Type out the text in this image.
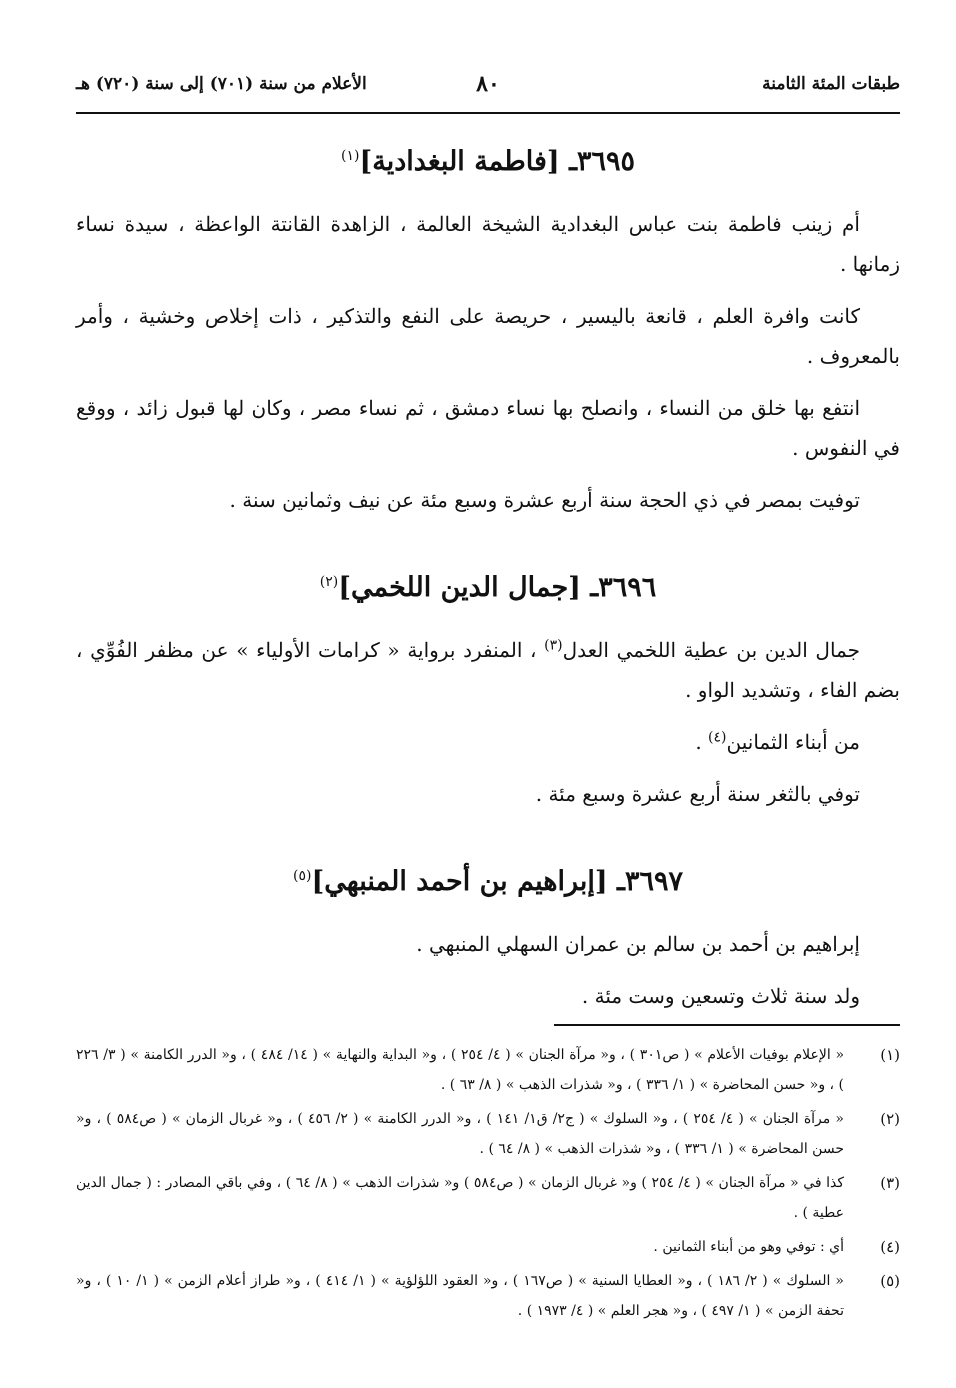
طبقات المئة الثامنة
٨٠
الأعلام من سنة (٧٠١) إلى سنة (٧٢٠) هـ
٣٦٩٥ـ [فاطمة البغدادية]$^{(١)}$

أم زينب فاطمة بنت عباس البغدادية الشيخة العالمة ، الزاهدة القانتة الواعظة ، سيدة نساء زمانها .

كانت وافرة العلم ، قانعة باليسير ، حريصة على النفع والتذكير ، ذات إخلاص وخشية ، وأمر بالمعروف .

انتفع بها خلق من النساء ، وانصلح بها نساء دمشق ، ثم نساء مصر ، وكان لها قبول زائد ، ووقع في النفوس .

توفيت بمصر في ذي الحجة سنة أربع عشرة وسبع مئة عن نيف وثمانين سنة .

٣٦٩٦ـ [جمال الدين اللخمي]$^{(٢)}$

جمال الدين بن عطية اللخمي العدل$^{(٣)}$ ، المنفرد برواية « كرامات الأولياء » عن مظفر الفُوِّي ، بضم الفاء ، وتشديد الواو .

من أبناء الثمانين$^{(٤)}$ .

توفي بالثغر سنة أربع عشرة وسبع مئة .

٣٦٩٧ـ [إبراهيم بن أحمد المنبهي]$^{(٥)}$

إبراهيم بن أحمد بن سالم بن عمران السهلي المنبهي .

ولد سنة ثلاث وتسعين وست مئة .

(١)
« الإعلام بوفيات الأعلام » ( ص٣٠١ ) ، و« مرآة الجنان » ( ٤/ ٢٥٤ ) ، و« البداية والنهاية » ( ١٤/ ٤٨٤ ) ، و« الدرر الكامنة » ( ٣/ ٢٢٦ ) ، و« حسن المحاضرة » ( ١/ ٣٣٦ ) ، و« شذرات الذهب » ( ٨/ ٦٣ ) .
(٢)
« مرآة الجنان » ( ٤/ ٢٥٤ ) ، و« السلوك » ( ج٢/ ق١/ ١٤١ ) ، و« الدرر الكامنة » ( ٢/ ٤٥٦ ) ، و« غربال الزمان » ( ص٥٨٤ ) ، و« حسن المحاضرة » ( ١/ ٣٣٦ ) ، و« شذرات الذهب » ( ٨/ ٦٤ ) .
(٣)
كذا في « مرآة الجنان » ( ٤/ ٢٥٤ ) و« غربال الزمان » ( ص٥٨٤ ) و« شذرات الذهب » ( ٨/ ٦٤ ) ، وفي باقي المصادر : ( جمال الدين عطية ) .
(٤)
أي : توفي وهو من أبناء الثمانين .
(٥)
« السلوك » ( ٢/ ١٨٦ ) ، و« العطايا السنية » ( ص١٦٧ ) ، و« العقود اللؤلؤية » ( ١/ ٤١٤ ) ، و« طراز أعلام الزمن » ( ١/ ١٠ ) ، و« تحفة الزمن » ( ١/ ٤٩٧ ) ، و« هجر العلم » ( ٤/ ١٩٧٣ ) .
